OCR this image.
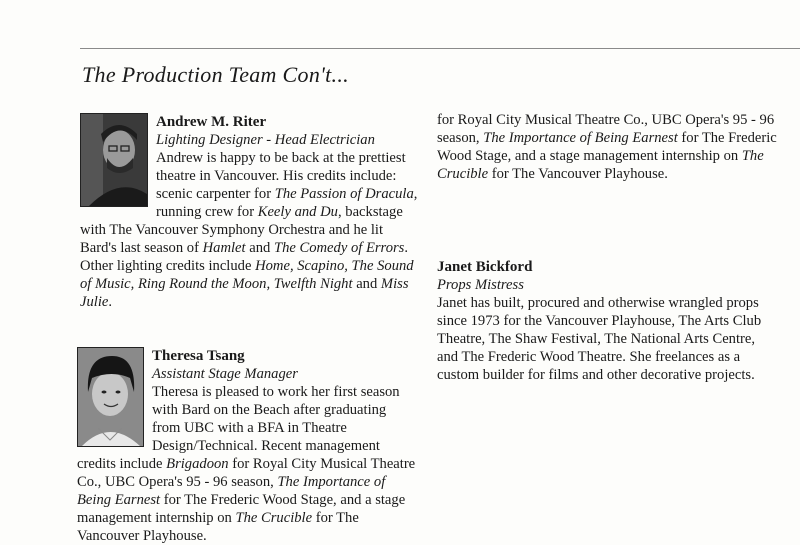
The Production Team Con't...
Andrew M. Riter
Lighting Designer - Head Electrician
Andrew is happy to be back at the prettiest theatre in Vancouver. His credits include: scenic carpenter for The Passion of Dracula, running crew for Keely and Du, backstage with The Vancouver Symphony Orchestra and he lit Bard's last season of Hamlet and The Comedy of Errors. Other lighting credits include Home, Scapino, The Sound of Music, Ring Round the Moon, Twelfth Night and Miss Julie.
Theresa Tsang
Assistant Stage Manager
Theresa is pleased to work her first season with Bard on the Beach after graduating from UBC with a BFA in Theatre Design/Technical. Recent management credits include Brigadoon for Royal City Musical Theatre Co., UBC Opera's 95 - 96 season, The Importance of Being Earnest for The Frederic Wood Stage, and a stage management internship on The Crucible for The Vancouver Playhouse.
for Royal City Musical Theatre Co., UBC Opera's 95 - 96 season, The Importance of Being Earnest for The Frederic Wood Stage, and a stage management internship on The Crucible for The Vancouver Playhouse.
Janet Bickford
Props Mistress
Janet has built, procured and otherwise wrangled props since 1973 for the Vancouver Playhouse, The Arts Club Theatre, The Shaw Festival, The National Arts Centre, and The Frederic Wood Theatre. She freelances as a custom builder for films and other decorative projects.
